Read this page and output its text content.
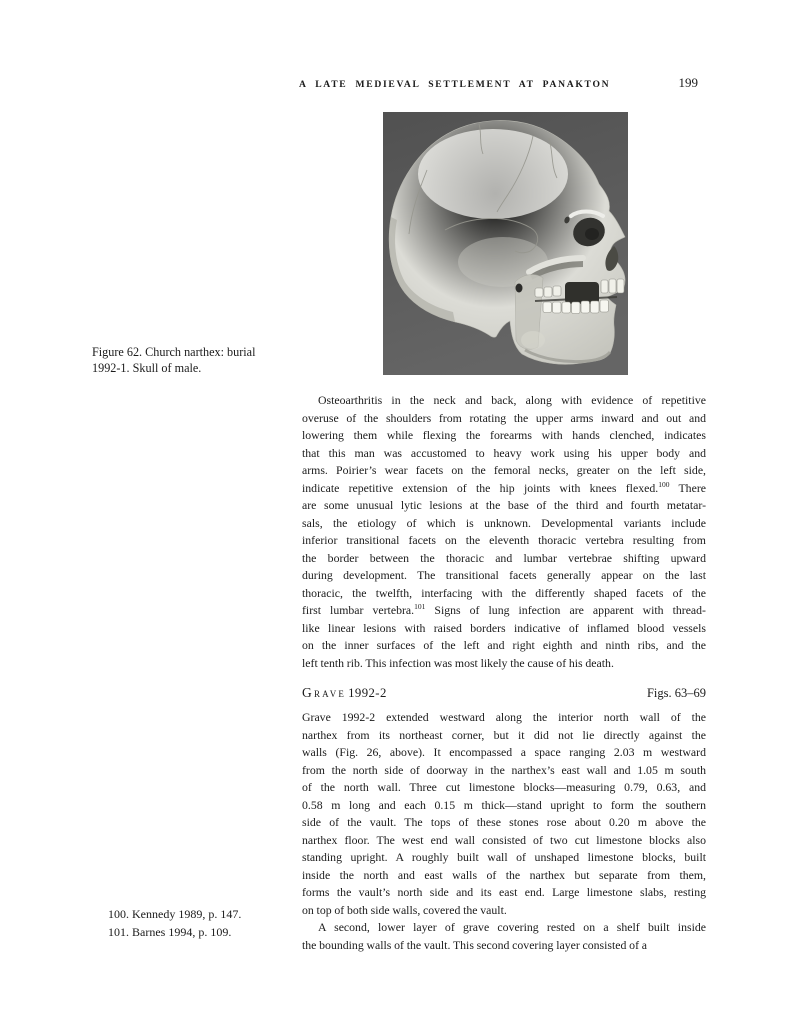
A LATE MEDIEVAL SETTLEMENT AT PANAKTON	199
Figure 62. Church narthex: burial
1992-1. Skull of male.
Osteoarthritis in the neck and back, along with evidence of repetitive
overuse of the shoulders from rotating the upper arms inward and out and
lowering them while flexing the forearms with hands clenched, indicates
that this man was accustomed to heavy work using his upper body and
arms. Poirier’s wear facets on the femoral necks, greater on the left side,
indicate repetitive extension of the hip joints with knees flexed.$^{100}$ There
are some unusual lytic lesions at the base of the third and fourth metatar-
sals, the etiology of which is unknown. Developmental variants include
inferior transitional facets on the eleventh thoracic vertebra resulting from
the border between the thoracic and lumbar vertebrae shifting upward
during development. The transitional facets generally appear on the last
thoracic, the twelfth, interfacing with the differently shaped facets of the
first lumbar vertebra.$^{101}$ Signs of lung infection are apparent with thread-
like linear lesions with raised borders indicative of inflamed blood vessels
on the inner surfaces of the left and right eighth and ninth ribs, and the
left tenth rib. This infection was most likely the cause of his death.
Grave 1992-2	Figs. 63–69
Grave 1992-2 extended westward along the interior north wall of the
narthex from its northeast corner, but it did not lie directly against the
walls (Fig. 26, above). It encompassed a space ranging 2.03 m westward
from the north side of doorway in the narthex’s east wall and 1.05 m south
of the north wall. Three cut limestone blocks—measuring 0.79, 0.63, and
0.58 m long and each 0.15 m thick—stand upright to form the southern
side of the vault. The tops of these stones rose about 0.20 m above the
narthex floor. The west end wall consisted of two cut limestone blocks also
standing upright. A roughly built wall of unshaped limestone blocks, built
inside the north and east walls of the narthex but separate from them,
forms the vault’s north side and its east end. Large limestone slabs, resting
on top of both side walls, covered the vault.
A second, lower layer of grave covering rested on a shelf built inside
the bounding walls of the vault. This second covering layer consisted of a
100. Kennedy 1989, p. 147.
101. Barnes 1994, p. 109.
